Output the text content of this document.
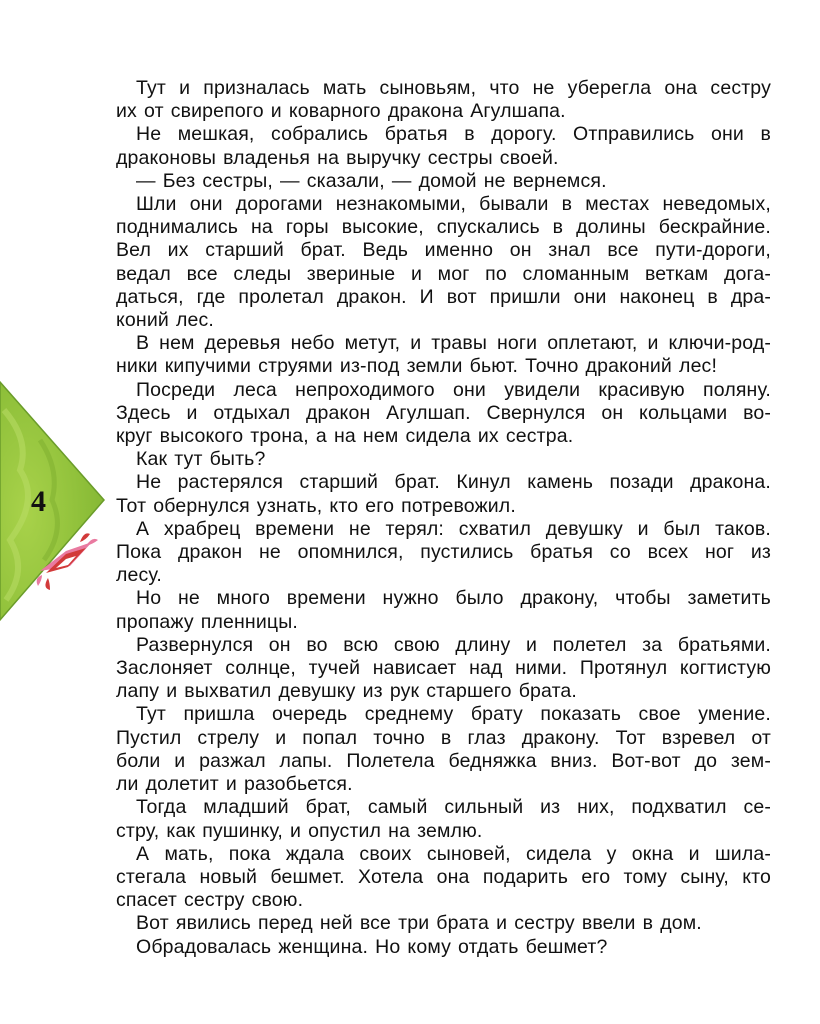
4

Тут и призналась мать сыновьям, что не уберегла она сестру
их от свирепого и коварного дракона Агулшапа.

Не мешкая, собрались братья в дорогу. Отправились они в
драконовы владенья на выручку сестры своей.

— Без сестры, — сказали, — домой не вернемся.

Шли они дорогами незнакомыми, бывали в местах неведомых,
поднимались на горы высокие, спускались в долины бескрайние.
Вел их старший брат. Ведь именно он знал все пути-дороги,
ведал все следы звериные и мог по сломанным веткам дога-
даться, где пролетал дракон. И вот пришли они наконец в дра-
коний лес.

В нем деревья небо метут, и травы ноги оплетают, и ключи-род-
ники кипучими струями из-под земли бьют. Точно драконий лес!

Посреди леса непроходимого они увидели красивую поляну.
Здесь и отдыхал дракон Агулшап. Свернулся он кольцами во-
круг высокого трона, а на нем сидела их сестра.

Как тут быть?

Не растерялся старший брат. Кинул камень позади дракона.
Тот обернулся узнать, кто его потревожил.

А храбрец времени не терял: схватил девушку и был таков.
Пока дракон не опомнился, пустились братья со всех ног из
лесу.

Но не много времени нужно было дракону, чтобы заметить
пропажу пленницы.

Развернулся он во всю свою длину и полетел за братьями.
Заслоняет солнце, тучей нависает над ними. Протянул когтистую
лапу и выхватил девушку из рук старшего брата.

Тут пришла очередь среднему брату показать свое умение.
Пустил стрелу и попал точно в глаз дракону. Тот взревел от
боли и разжал лапы. Полетела бедняжка вниз. Вот-вот до зем-
ли долетит и разобьется.

Тогда младший брат, самый сильный из них, подхватил се-
стру, как пушинку, и опустил на землю.

А мать, пока ждала своих сыновей, сидела у окна и шила-
стегала новый бешмет. Хотела она подарить его тому сыну, кто
спасет сестру свою.

Вот явились перед ней все три брата и сестру ввели в дом.

Обрадовалась женщина. Но кому отдать бешмет?
